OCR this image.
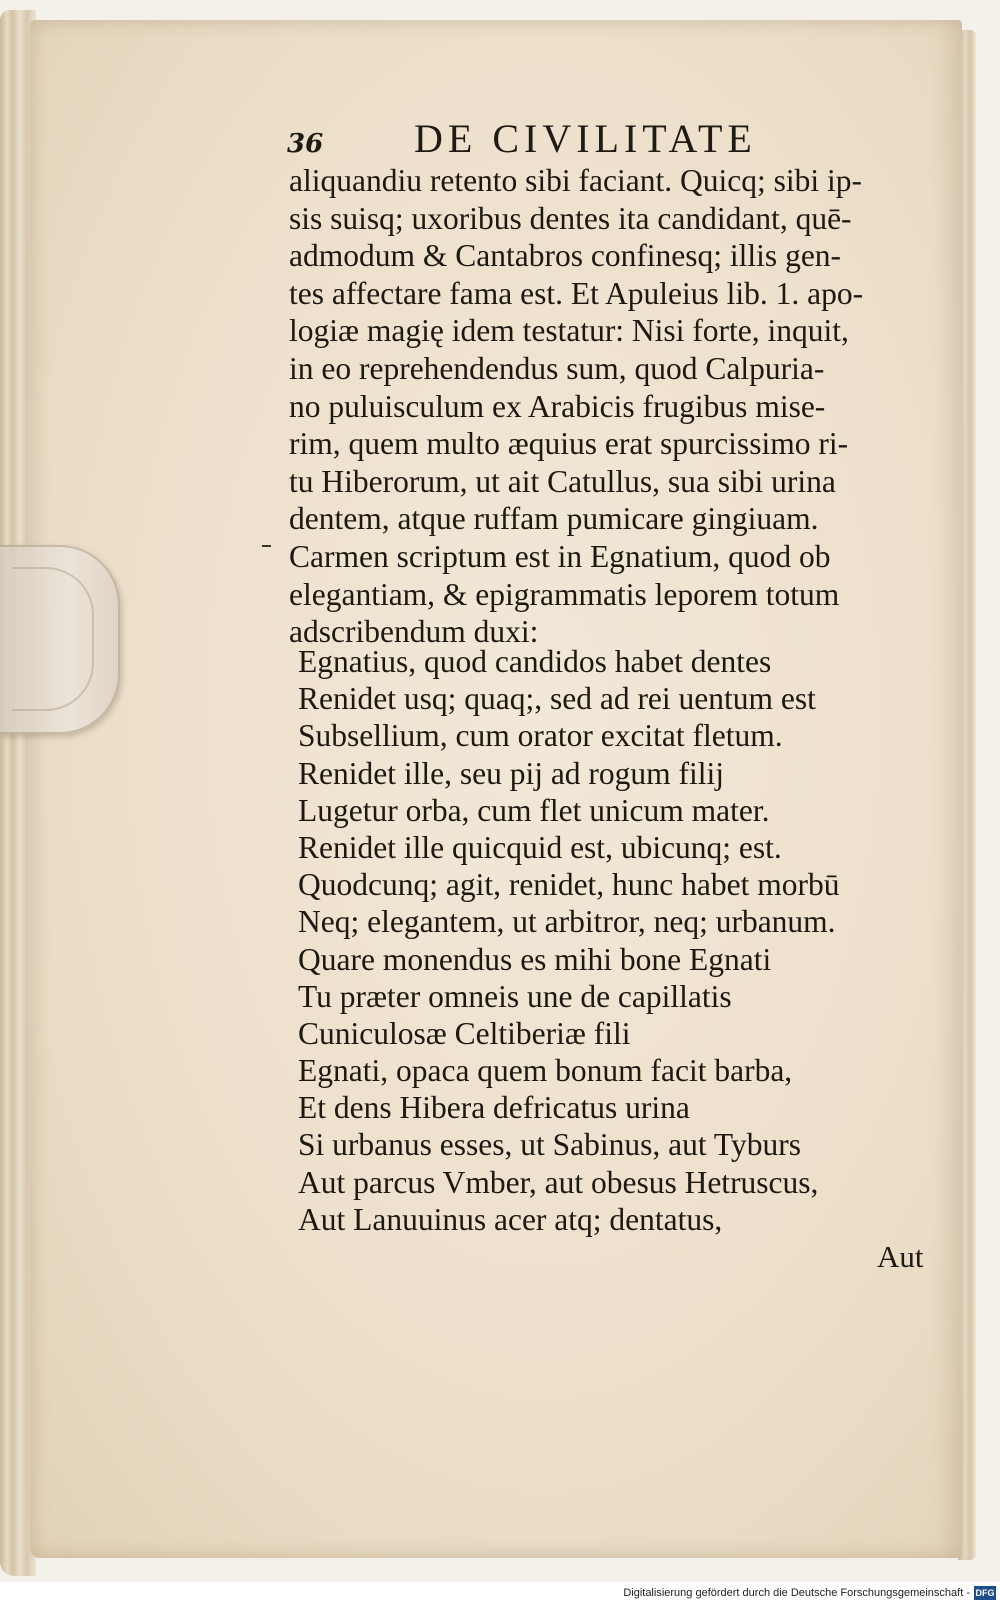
36 DE CIVILITATE
aliquandiu retento sibi faciant. Quicq; sibi ip-
sis suisq; uxoribus dentes ita candidant, quē-
admodum & Cantabros confinesq; illis gen-
tes affectare fama est. Et Apuleius lib. 1. apo-
logiæ magię idem testatur: Nisi forte, inquit,
in eo reprehendendus sum, quod Calpuria-
no puluisculum ex Arabicis frugibus mise-
rim, quem multo æquius erat spurcissimo ri-
tu Hiberorum, ut ait Catullus, sua sibi urina
dentem, atque ruffam pumicare gingiuam.
Carmen scriptum est in Egnatium, quod ob
elegantiam, & epigrammatis leporem totum
adscribendum duxi:
Egnatius, quod candidos habet dentes
Renidet usq; quaq;, sed ad rei uentum est
Subsellium, cum orator excitat fletum.
Renidet ille, seu pij ad rogum filij
Lugetur orba, cum flet unicum mater.
Renidet ille quicquid est, ubicunq; est.
Quodcunq; agit, renidet, hunc habet morbū
Neq; elegantem, ut arbitror, neq; urbanum.
Quare monendus es mihi bone Egnati
Tu præter omneis une de capillatis
Cuniculosæ Celtiberiæ fili
Egnati, opaca quem bonum facit barba,
Et dens Hibera defricatus urina
Si urbanus esses, ut Sabinus, aut Tyburs
Aut parcus Vmber, aut obesus Hetruscus,
Aut Lanuuinus acer atq; dentatus,
Aut
Digitalisierung gefördert durch die Deutsche Forschungsgemeinschaft - DFG
